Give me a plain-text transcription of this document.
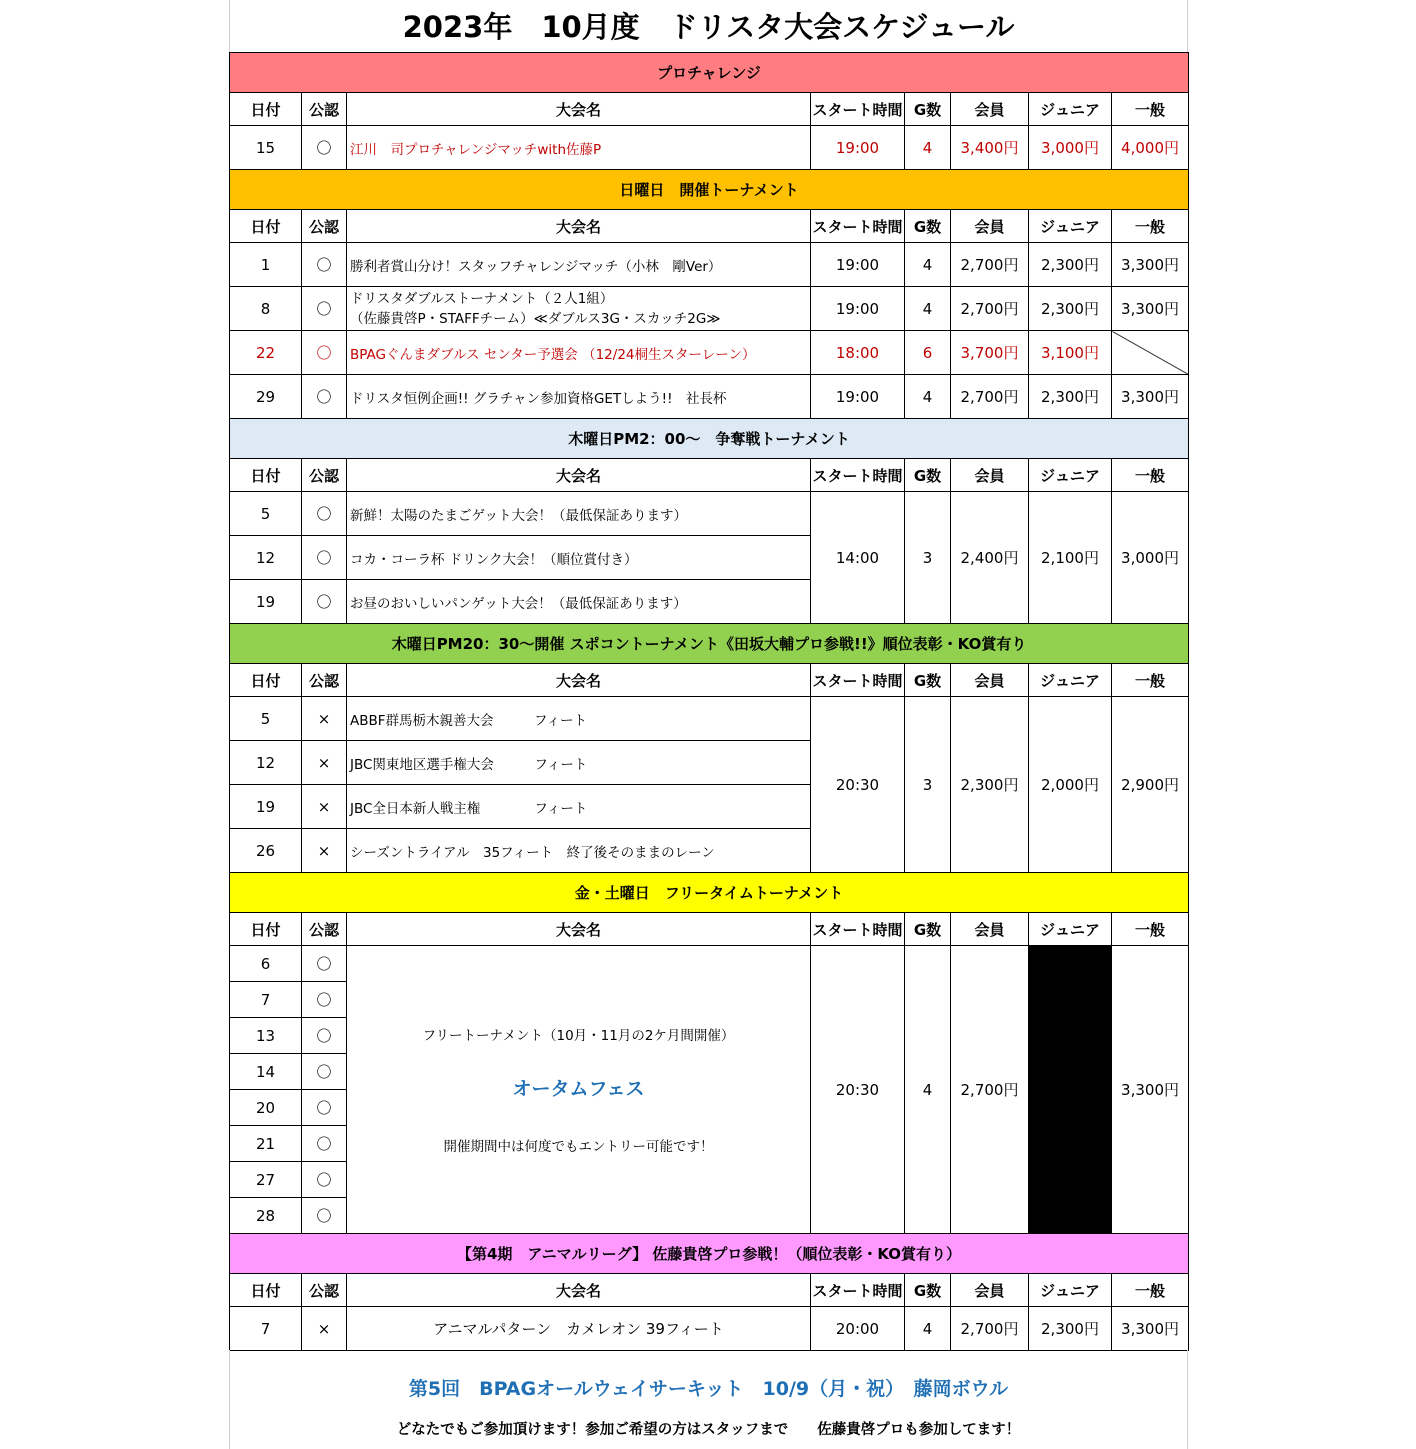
2023年　10月度　ドリスタ大会スケジュール
プロチャレンジ							
日付	公認	大会名	スタート時間	G数	会員	ジュニア	一般
15	〇	江川　司プロチャレンジマッチwith佐藤P	19:00	4	3,400円	3,000円	4,000円
日曜日　開催トーナメント							
日付	公認	大会名	スタート時間	G数	会員	ジュニア	一般
1	〇	勝利者賞山分け！スタッフチャレンジマッチ（小林　剛Ver）	19:00	4	2,700円	2,300円	3,300円
8	〇	ドリスタダブルストーナメント（２人1組）
（佐藤貴啓P・STAFFチーム）≪ダブルス3G・スカッチ2G≫	19:00	4	2,700円	2,300円	3,300円
22	〇	BPAGぐんまダブルス センター予選会 （12/24桐生スターレーン）	18:00	6	3,700円	3,100円	
29	〇	ドリスタ恒例企画!! グラチャン参加資格GETしよう!!　社長杯	19:00	4	2,700円	2,300円	3,300円
木曜日PM2：00～　争奪戦トーナメント							
日付	公認	大会名	スタート時間	G数	会員	ジュニア	一般
5	〇	新鮮！太陽のたまごゲット大会！（最低保証あります）	14:00	3	2,400円	2,100円	3,000円
12	〇	コカ・コーラ杯 ドリンク大会！（順位賞付き）					
19	〇	お昼のおいしいパンゲット大会！（最低保証あります）					
木曜日PM20：30～開催 スポコントーナメント《田坂大輔プロ参戦!!》順位表彰・KO賞有り							
日付	公認	大会名	スタート時間	G数	会員	ジュニア	一般
5	×	ABBF群馬栃木親善大会　　　フィート	20:30	3	2,300円	2,000円	2,900円
12	×	JBC関東地区選手権大会　　　フィート					
19	×	JBC全日本新人戦主権　　　　フィート					
26	×	シーズントライアル　35フィート　終了後そのままのレーン					
金・土曜日　フリータイムトーナメント							
日付	公認	大会名	スタート時間	G数	会員	ジュニア	一般
6	〇	フリートーナメント（10月・11月の2ケ月間開催）
オータムフェス
開催期間中は何度でもエントリー可能です！	20:30	4	2,700円		3,300円
7	〇						
13	〇						
14	〇						
20	〇						
21	〇						
27	〇						
28	〇						
【第4期　アニマルリーグ】 佐藤貴啓プロ参戦！（順位表彰・KO賞有り）							
日付	公認	大会名	スタート時間	G数	会員	ジュニア	一般
7	×	アニマルパターン　カメレオン 39フィート	20:00	4	2,700円	2,300円	3,300円
第5回　BPAGオールウェイサーキット　10/9（月・祝）　藤岡ボウル
どなたでもご参加頂けます！参加ご希望の方はスタッフまで　　佐藤貴啓プロも参加してます！
